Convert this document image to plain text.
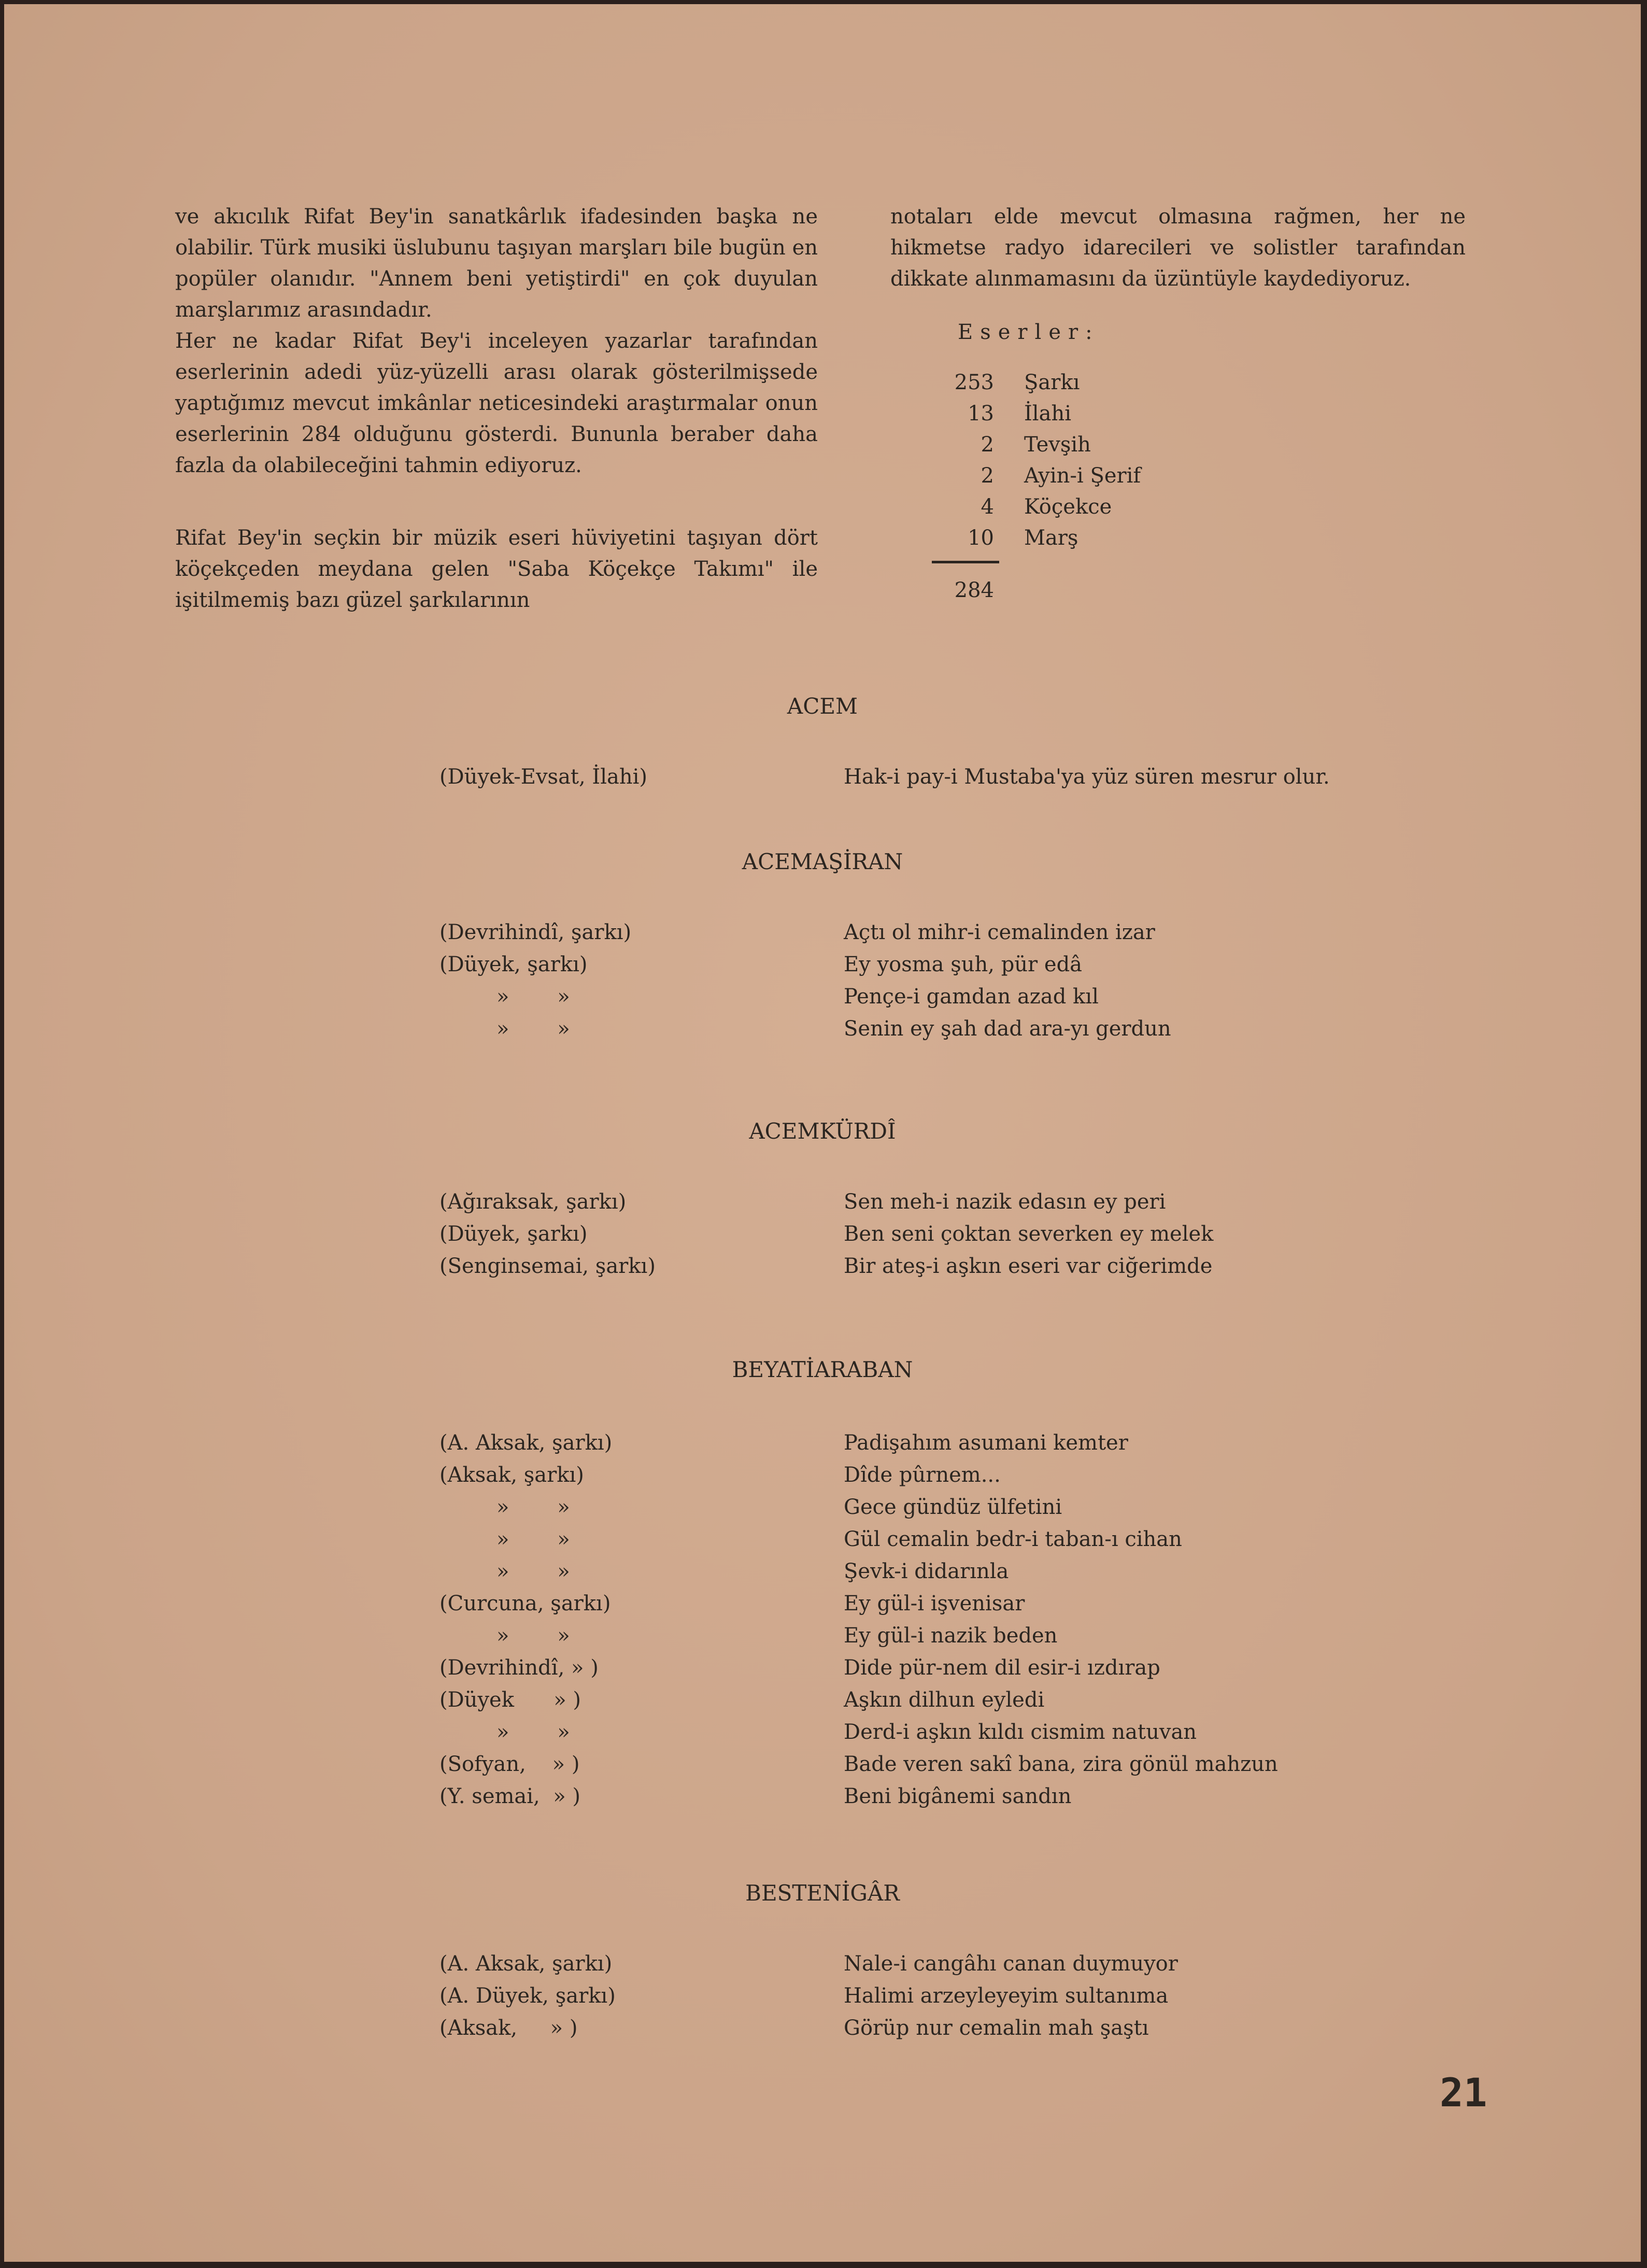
ve akıcılık Rifat Bey'in sanatkârlık ifadesinden başka ne olabilir. Türk musiki üslubunu taşıyan marşları bile bugün en popüler olanıdır. "Annem beni yetiştirdi" en çok duyulan marşlarımız arasındadır.

Her ne kadar Rifat Bey'i inceleyen yazarlar tarafından eserlerinin adedi yüz-yüzelli arası olarak gösterilmişsede yaptığımız mevcut imkânlar neticesindeki araştırmalar onun eserlerinin 284 olduğunu gösterdi. Bununla beraber daha fazla da olabileceğini tahmin ediyoruz.

Rifat Bey'in seçkin bir müzik eseri hüviyetini taşıyan dört köçekçeden meydana gelen "Saba Köçekçe Takımı" ile işitilmemiş bazı güzel şarkılarının

notaları elde mevcut olmasına rağmen, her ne hikmetse radyo idarecileri ve solistler tarafından dikkate alınmamasını da üzüntüyle kaydediyoruz.

Eserler:
253 Şarkı
13 İlahi
2 Tevşih
2 Ayin-i Şerif
4 Köçekce
10 Marş
284
ACEM
(Düyek-Evsat, İlahi)	Hak-i pay-i Mustaba'ya yüz süren mesrur olur.
ACEMAŞİRAN
(Devrihindî, şarkı)	Açtı ol mihr-i cemalinden izar
(Düyek, şarkı)	Ey yosma şuh, pür edâ
» »	Pençe-i gamdan azad kıl
» »	Senin ey şah dad ara-yı gerdun
ACEMKÜRDÎ
(Ağıraksak, şarkı)	Sen meh-i nazik edasın ey peri
(Düyek, şarkı)	Ben seni çoktan severken ey melek
(Senginsemai, şarkı)	Bir ateş-i aşkın eseri var ciğerimde
BEYATİARABAN
(A. Aksak, şarkı)	Padişahım asumani kemter
(Aksak, şarkı)	Dîde pûrnem...
» »	Gece gündüz ülfetini
» »	Gül cemalin bedr-i taban-ı cihan
» »	Şevk-i didarınla
(Curcuna, şarkı)	Ey gül-i işvenisar
» »	Ey gül-i nazik beden
(Devrihindî, » )	Dide pür-nem dil esir-i ızdırap
(Düyek      » )	Aşkın dilhun eyledi
» »	Derd-i aşkın kıldı cismim natuvan
(Sofyan,    » )	Bade veren sakî bana, zira gönül mahzun
(Y. semai,  » )	Beni bigânemi sandın
BESTENİGÂR
(A. Aksak, şarkı)	Nale-i cangâhı canan duymuyor
(A. Düyek, şarkı)	Halimi arzeyleyeyim sultanıma
(Aksak,     » )	Görüp nur cemalin mah şaştı
21
